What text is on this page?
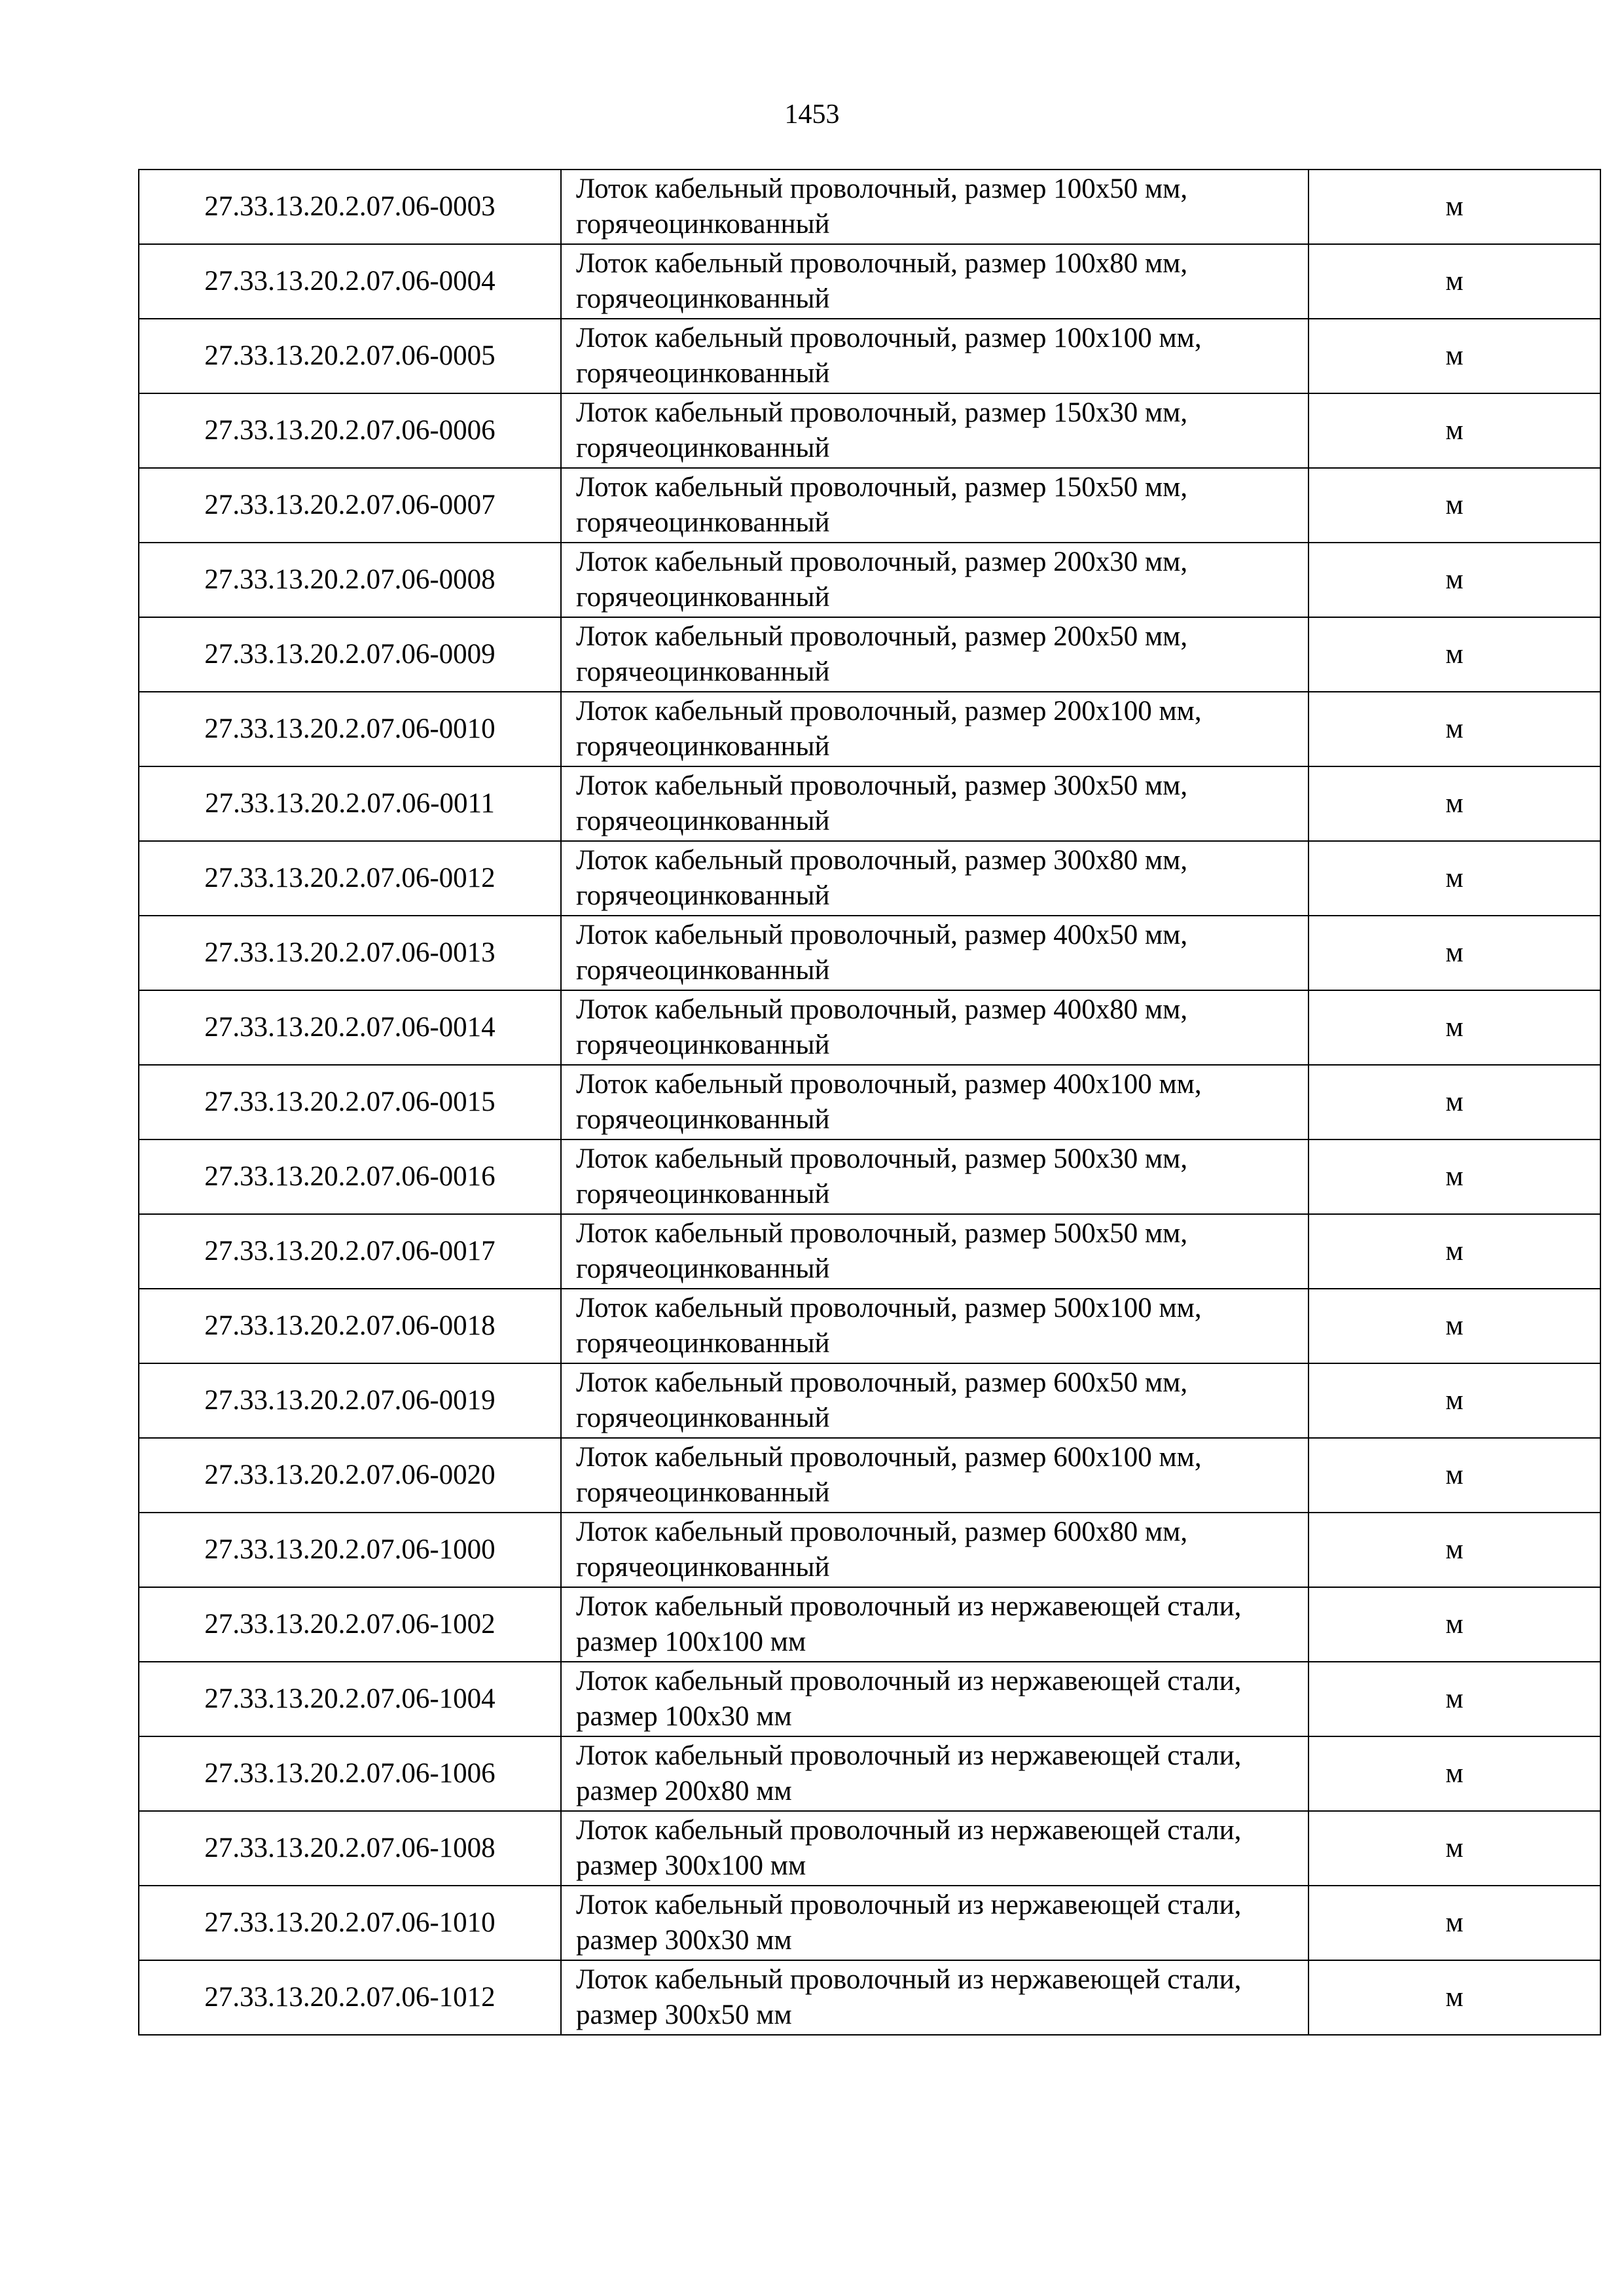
1453
27.33.13.20.2.07.06-0003	Лоток кабельный проволочный, размер 100х50 мм, горячеоцинкованный	м
27.33.13.20.2.07.06-0004	Лоток кабельный проволочный, размер 100х80 мм, горячеоцинкованный	м
27.33.13.20.2.07.06-0005	Лоток кабельный проволочный, размер 100х100 мм, горячеоцинкованный	м
27.33.13.20.2.07.06-0006	Лоток кабельный проволочный, размер 150х30 мм, горячеоцинкованный	м
27.33.13.20.2.07.06-0007	Лоток кабельный проволочный, размер 150х50 мм, горячеоцинкованный	м
27.33.13.20.2.07.06-0008	Лоток кабельный проволочный, размер 200х30 мм, горячеоцинкованный	м
27.33.13.20.2.07.06-0009	Лоток кабельный проволочный, размер 200х50 мм, горячеоцинкованный	м
27.33.13.20.2.07.06-0010	Лоток кабельный проволочный, размер 200х100 мм, горячеоцинкованный	м
27.33.13.20.2.07.06-0011	Лоток кабельный проволочный, размер 300х50 мм, горячеоцинкованный	м
27.33.13.20.2.07.06-0012	Лоток кабельный проволочный, размер 300х80 мм, горячеоцинкованный	м
27.33.13.20.2.07.06-0013	Лоток кабельный проволочный, размер 400х50 мм, горячеоцинкованный	м
27.33.13.20.2.07.06-0014	Лоток кабельный проволочный, размер 400х80 мм, горячеоцинкованный	м
27.33.13.20.2.07.06-0015	Лоток кабельный проволочный, размер 400х100 мм, горячеоцинкованный	м
27.33.13.20.2.07.06-0016	Лоток кабельный проволочный, размер 500х30 мм, горячеоцинкованный	м
27.33.13.20.2.07.06-0017	Лоток кабельный проволочный, размер 500х50 мм, горячеоцинкованный	м
27.33.13.20.2.07.06-0018	Лоток кабельный проволочный, размер 500х100 мм, горячеоцинкованный	м
27.33.13.20.2.07.06-0019	Лоток кабельный проволочный, размер 600х50 мм, горячеоцинкованный	м
27.33.13.20.2.07.06-0020	Лоток кабельный проволочный, размер 600х100 мм, горячеоцинкованный	м
27.33.13.20.2.07.06-1000	Лоток кабельный проволочный, размер 600х80 мм, горячеоцинкованный	м
27.33.13.20.2.07.06-1002	Лоток кабельный проволочный из нержавеющей стали, размер 100х100 мм	м
27.33.13.20.2.07.06-1004	Лоток кабельный проволочный из нержавеющей стали, размер 100х30 мм	м
27.33.13.20.2.07.06-1006	Лоток кабельный проволочный из нержавеющей стали, размер 200х80 мм	м
27.33.13.20.2.07.06-1008	Лоток кабельный проволочный из нержавеющей стали, размер 300х100 мм	м
27.33.13.20.2.07.06-1010	Лоток кабельный проволочный из нержавеющей стали, размер 300х30 мм	м
27.33.13.20.2.07.06-1012	Лоток кабельный проволочный из нержавеющей стали, размер 300х50 мм	м
